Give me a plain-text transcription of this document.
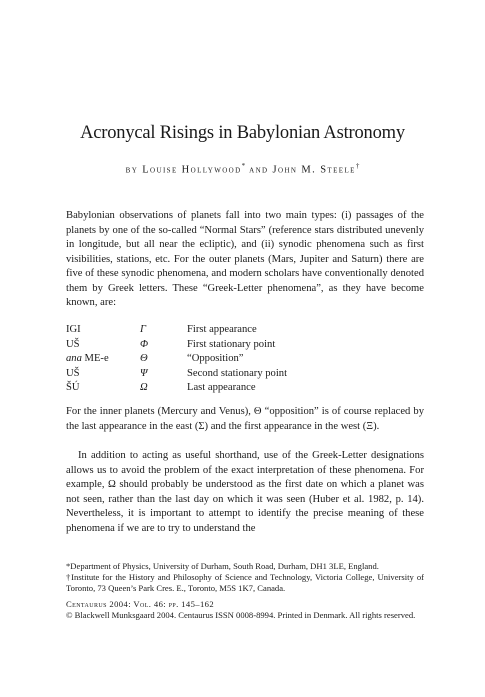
Acronycal Risings in Babylonian Astronomy
by Louise Hollywood* and John M. Steele†

Babylonian observations of planets fall into two main types: (i) passages of the planets by one of the so-called “Normal Stars” (reference stars distributed unevenly in longitude, but all near the ecliptic), and (ii) synodic phenomena such as first visibilities, stations, etc. For the outer planets (Mars, Jupiter and Saturn) there are five of these synodic phenomena, and modern scholars have conventionally denoted them by Greek letters. These “Greek-Letter phenomena”, as they have become known, are:

IGI	Γ	First appearance
UŠ	Φ	First stationary point
ana ME-e	Θ	“Opposition”
UŠ	Ψ	Second stationary point
ŠÚ	Ω	Last appearance

For the inner planets (Mercury and Venus), Θ “opposition” is of course replaced by the last appearance in the east (Σ) and the first appearance in the west (Ξ).

In addition to acting as useful shorthand, use of the Greek-Letter designations allows us to avoid the problem of the exact interpretation of these phenomena. For example, Ω should probably be understood as the first date on which a planet was not seen, rather than the last day on which it was seen (Huber et al. 1982, p. 14). Nevertheless, it is important to attempt to identify the precise meaning of these phenomena if we are to try to understand the

*Department of Physics, University of Durham, South Road, Durham, DH1 3LE, England.
†Institute for the History and Philosophy of Science and Technology, Victoria College, University of Toronto, 73 Queen’s Park Cres. E., Toronto, M5S 1K7, Canada.
Centaurus 2004: Vol. 46: pp. 145–162
© Blackwell Munksgaard 2004. Centaurus ISSN 0008-8994. Printed in Denmark. All rights reserved.
